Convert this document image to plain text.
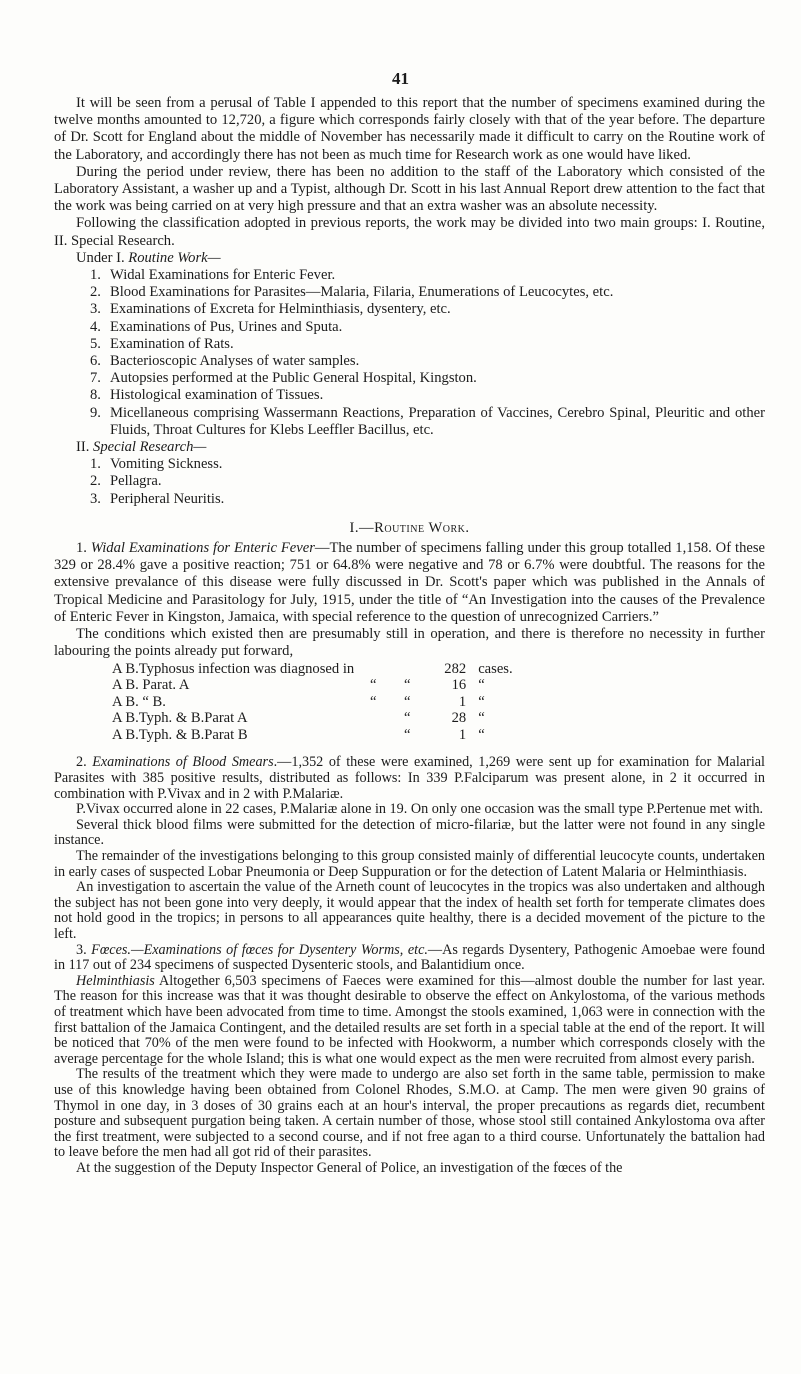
41

It will be seen from a perusal of Table I appended to this report that the number of specimens examined during the twelve months amounted to 12,720, a figure which corresponds fairly closely with that of the year before. The departure of Dr. Scott for England about the middle of November has necessarily made it difficult to carry on the Routine work of the Laboratory, and accordingly there has not been as much time for Research work as one would have liked.

During the period under review, there has been no addition to the staff of the Laboratory which consisted of the Laboratory Assistant, a washer up and a Typist, although Dr. Scott in his last Annual Report drew attention to the fact that the work was being carried on at very high pressure and that an extra washer was an absolute necessity.

Following the classification adopted in previous reports, the work may be divided into two main groups: I. Routine, II. Special Research.

Under I. Routine Work—
1. Widal Examinations for Enteric Fever.
2. Blood Examinations for Parasites—Malaria, Filaria, Enumerations of Leucocytes, etc.
3. Examinations of Excreta for Helminthiasis, dysentery, etc.
4. Examinations of Pus, Urines and Sputa.
5. Examination of Rats.
6. Bacterioscopic Analyses of water samples.
7. Autopsies performed at the Public General Hospital, Kingston.
8. Histological examination of Tissues.
9. Micellaneous comprising Wassermann Reactions, Preparation of Vaccines, Cerebro Spinal, Pleuritic and other Fluids, Throat Cultures for Klebs Leeffler Bacillus, etc.
II. Special Research—
1. Vomiting Sickness.
2. Pellagra.
3. Peripheral Neuritis.
I.—Routine Work.

1. Widal Examinations for Enteric Fever—The number of specimens falling under this group totalled 1,158. Of these 329 or 28.4% gave a positive reaction; 751 or 64.8% were negative and 78 or 6.7% were doubtful. The reasons for the extensive prevalance of this disease were fully discussed in Dr. Scott's paper which was published in the Annals of Tropical Medicine and Parasitology for July, 1915, under the title of “An Investigation into the causes of the Prevalence of Enteric Fever in Kingston, Jamaica, with special reference to the question of unrecognized Carriers.”

The conditions which existed then are presumably still in operation, and there is therefore no necessity in further labouring the points already put forward,

A B.Typhosus infection was diagnosed in			282	cases.
A B. Parat. A	“	“	16	“
A B. “ B.	“	“	1	“
A B.Typh. & B.Parat A		“	28	“
A B.Typh. & B.Parat B		“	1	“

2. Examinations of Blood Smears.—1,352 of these were examined, 1,269 were sent up for examination for Malarial Parasites with 385 positive results, distributed as follows: In 339 P.Falciparum was present alone, in 2 it occurred in combination with P.Vivax and in 2 with P.Malariæ.

P.Vivax occurred alone in 22 cases, P.Malariæ alone in 19. On only one occasion was the small type P.Pertenue met with.

Several thick blood films were submitted for the detection of micro-filariæ, but the latter were not found in any single instance.

The remainder of the investigations belonging to this group consisted mainly of differential leucocyte counts, undertaken in early cases of suspected Lobar Pneumonia or Deep Suppuration or for the detection of Latent Malaria or Helminthiasis.

An investigation to ascertain the value of the Arneth count of leucocytes in the tropics was also undertaken and although the subject has not been gone into very deeply, it would appear that the index of health set forth for temperate climates does not hold good in the tropics; in persons to all appearances quite healthy, there is a decided movement of the picture to the left.

3. Fœces.—Examinations of fœces for Dysentery Worms, etc.—As regards Dysentery, Pathogenic Amoebae were found in 117 out of 234 specimens of suspected Dysenteric stools, and Balantidium once.

Helminthiasis Altogether 6,503 specimens of Faeces were examined for this—almost double the number for last year. The reason for this increase was that it was thought desirable to observe the effect on Ankylostoma, of the various methods of treatment which have been advocated from time to time. Amongst the stools examined, 1,063 were in connection with the first battalion of the Jamaica Contingent, and the detailed results are set forth in a special table at the end of the report. It will be noticed that 70% of the men were found to be infected with Hookworm, a number which corresponds closely with the average percentage for the whole Island; this is what one would expect as the men were recruited from almost every parish.

The results of the treatment which they were made to undergo are also set forth in the same table, permission to make use of this knowledge having been obtained from Colonel Rhodes, S.M.O. at Camp. The men were given 90 grains of Thymol in one day, in 3 doses of 30 grains each at an hour's interval, the proper precautions as regards diet, recumbent posture and subsequent purgation being taken. A certain number of those, whose stool still contained Ankylostoma ova after the first treatment, were subjected to a second course, and if not free agan to a third course. Unfortunately the battalion had to leave before the men had all got rid of their parasites.

At the suggestion of the Deputy Inspector General of Police, an investigation of the fœces of the
